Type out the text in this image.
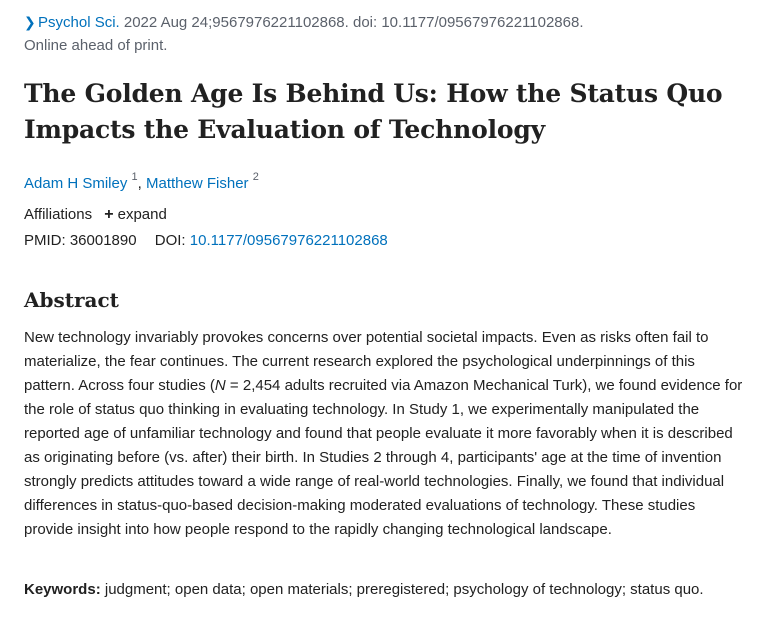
❯ Psychol Sci. 2022 Aug 24;9567976221102868. doi: 10.1177/09567976221102868.
Online ahead of print.
The Golden Age Is Behind Us: How the Status Quo Impacts the Evaluation of Technology
Adam H Smiley $^1$, Matthew Fisher $^2$
Affiliations + expand
PMID: 36001890 DOI: 10.1177/09567976221102868
Abstract

New technology invariably provokes concerns over potential societal impacts. Even as risks often fail to materialize, the fear continues. The current research explored the psychological underpinnings of this pattern. Across four studies (N = 2,454 adults recruited via Amazon Mechanical Turk), we found evidence for the role of status quo thinking in evaluating technology. In Study 1, we experimentally manipulated the reported age of unfamiliar technology and found that people evaluate it more favorably when it is described as originating before (vs. after) their birth. In Studies 2 through 4, participants' age at the time of invention strongly predicts attitudes toward a wide range of real-world technologies. Finally, we found that individual differences in status-quo-based decision-making moderated evaluations of technology. These studies provide insight into how people respond to the rapidly changing technological landscape.

Keywords: judgment; open data; open materials; preregistered; psychology of technology; status quo.
